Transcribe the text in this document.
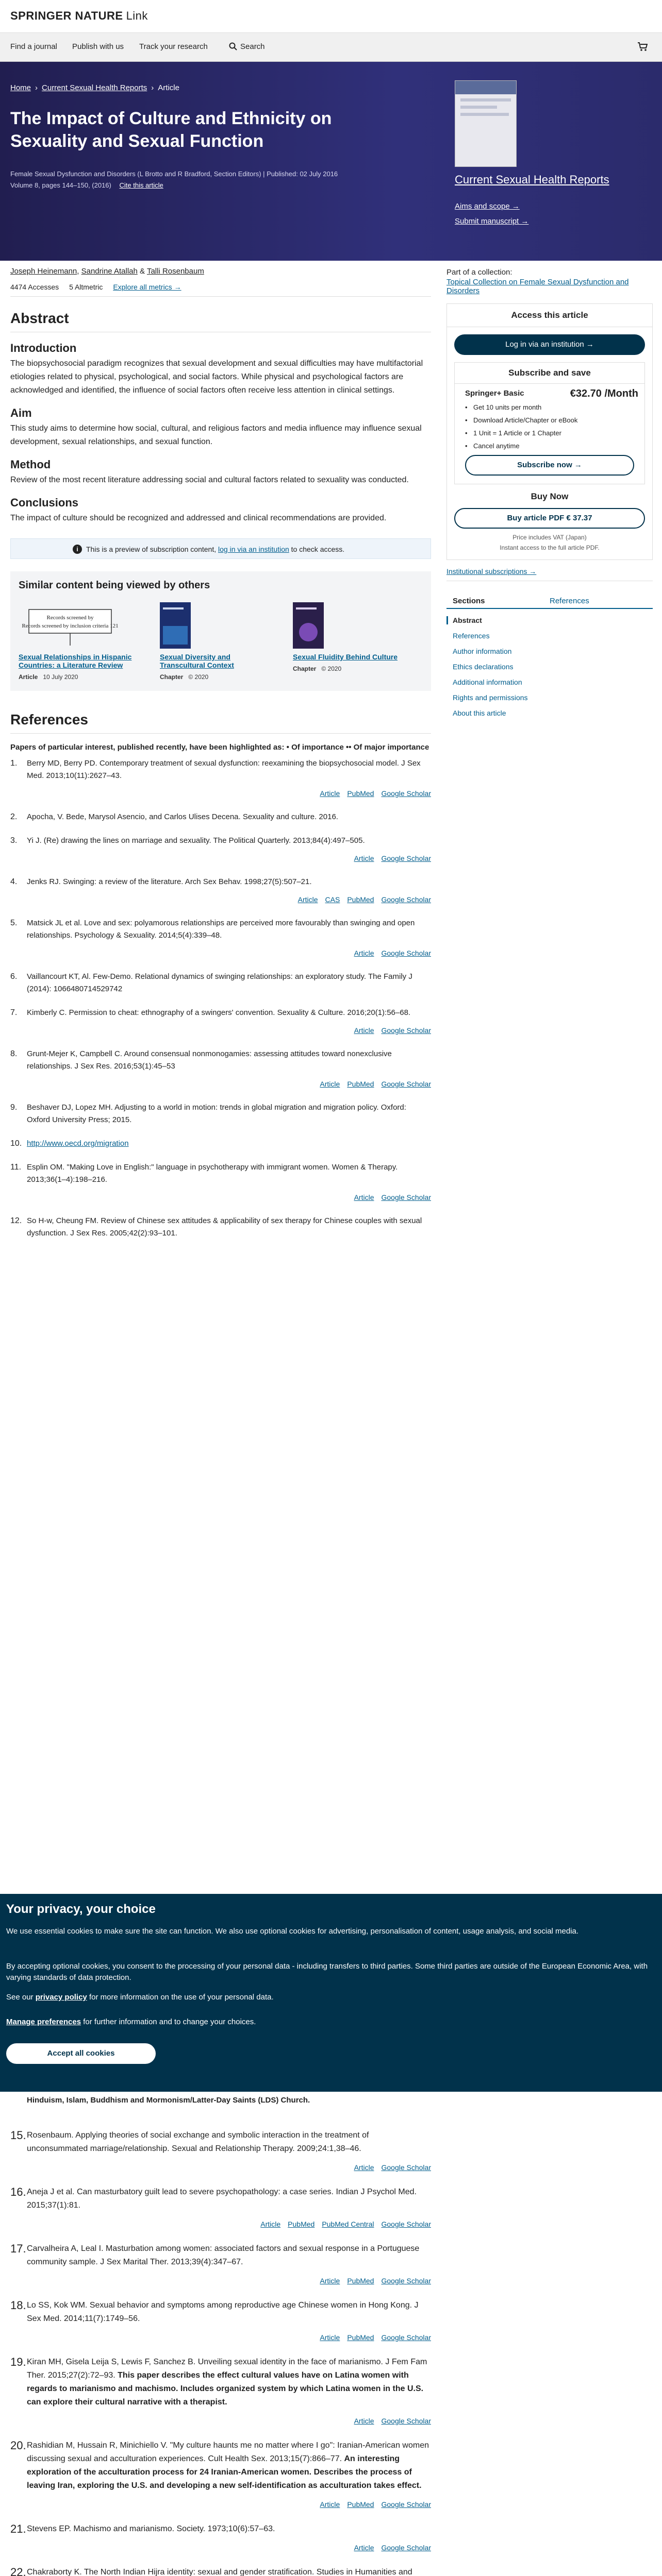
SPRINGER NATURE Link
Find a journal Publish with us Track your research	Search
Home › Current Sexual Health Reports › Article
The Impact of Culture and Ethnicity on Sexuality and Sexual Function
Female Sexual Dysfunction and Disorders (L Brotto and R Bradford, Section Editors) | Published: 02 July 2016
Volume 8, pages 144–150, (2016) Cite this article	Current Sexual Health Reports
Aims and scope →
Submit manuscript →
Joseph Heinemann, Sandrine Atallah & Talli Rosenbaum
4474 Accesses 5 Altmetric Explore all metrics →
Abstract
Introduction

The biopsychosocial paradigm recognizes that sexual development and sexual difficulties may have multifactorial etiologies related to physical, psychological, and social factors. While physical and psychological factors are acknowledged and identified, the influence of social factors often receive less attention in clinical settings.

Aim

This study aims to determine how social, cultural, and religious factors and media influence may influence sexual development, sexual relationships, and sexual function.

Method

Review of the most recent literature addressing social and cultural factors related to sexuality was conducted.

Conclusions

The impact of culture should be recognized and addressed and clinical recommendations are provided.

i	This is a preview of subscription content, log in via an institution to check access.
Similar content being viewed by others
Records screened by
Records screened by inclusion criteria 121
Sexual Relationships in Hispanic Countries: a Literature Review
Article 10 July 2020
Sexual Diversity and Transcultural Context
Chapter © 2020
Sexual Fluidity Behind Culture
Chapter © 2020
References
Papers of particular interest, published recently, have been highlighted as: • Of importance •• Of major importance
1. Berry MD, Berry PD. Contemporary treatment of sexual dysfunction: reexamining the biopsychosocial model. J Sex Med. 2013;10(11):2627–43.
Article PubMed Google Scholar
2. Apocha, V. Bede, Marysol Asencio, and Carlos Ulises Decena. Sexuality and culture. 2016.
3. Yi J. (Re) drawing the lines on marriage and sexuality. The Political Quarterly. 2013;84(4):497–505.
Article Google Scholar
4. Jenks RJ. Swinging: a review of the literature. Arch Sex Behav. 1998;27(5):507–21.
Article CAS PubMed Google Scholar
5. Matsick JL et al. Love and sex: polyamorous relationships are perceived more favourably than swinging and open relationships. Psychology & Sexuality. 2014;5(4):339–48.
Article Google Scholar
6. Vaillancourt KT, Al. Few-Demo. Relational dynamics of swinging relationships: an exploratory study. The Family J (2014): 1066480714529742
7. Kimberly C. Permission to cheat: ethnography of a swingers' convention. Sexuality & Culture. 2016;20(1):56–68.
Article Google Scholar
8. Grunt-Mejer K, Campbell C. Around consensual nonmonogamies: assessing attitudes toward nonexclusive relationships. J Sex Res. 2016;53(1):45–53
Article PubMed Google Scholar
9. Beshaver DJ, Lopez MH. Adjusting to a world in motion: trends in global migration and migration policy. Oxford: Oxford University Press; 2015.
10. http://www.oecd.org/migration
11. Esplin OM. "Making Love in English:" language in psychotherapy with immigrant women. Women & Therapy. 2013;36(1–4):198–216.
Article Google Scholar
12. So H-w, Cheung FM. Review of Chinese sex attitudes & applicability of sex therapy for Chinese couples with sexual dysfunction. J Sex Res. 2005;42(2):93–101.
Part of a collection:
Topical Collection on Female Sexual Dysfunction and Disorders
Access this article
Log in via an institution →
Subscribe and save
Springer+ Basic	€32.70 /Month
• Get 10 units per month
• Download Article/Chapter or eBook
• 1 Unit = 1 Article or 1 Chapter
• Cancel anytime
Subscribe now →
Buy Now
Buy article PDF € 37.37
Price includes VAT (Japan)
Instant access to the full article PDF.
Institutional subscriptions →
Sections	References
Abstract
References
Author information
Ethics declarations
Additional information
Rights and permissions
About this article
Your privacy, your choice

We use essential cookies to make sure the site can function. We also use optional cookies for advertising, personalisation of content, usage analysis, and social media.

By accepting optional cookies, you consent to the processing of your personal data - including transfers to third parties. Some third parties are outside of the European Economic Area, with varying standards of data protection.

See our privacy policy for more information on the use of your personal data.

Manage preferences for further information and to change your choices.

Accept all cookies
Hinduism, Islam, Buddhism and Mormonism/Latter-Day Saints (LDS) Church.
15. Rosenbaum. Applying theories of social exchange and symbolic interaction in the treatment of unconsummated marriage/relationship. Sexual and Relationship Therapy. 2009;24:1,38–46.
Article Google Scholar
16. Aneja J et al. Can masturbatory guilt lead to severe psychopathology: a case series. Indian J Psychol Med. 2015;37(1):81.
Article PubMed PubMed Central Google Scholar
17. Carvalheira A, Leal I. Masturbation among women: associated factors and sexual response in a Portuguese community sample. J Sex Marital Ther. 2013;39(4):347–67.
Article PubMed Google Scholar
18. Lo SS, Kok WM. Sexual behavior and symptoms among reproductive age Chinese women in Hong Kong. J Sex Med. 2014;11(7):1749–56.
Article PubMed Google Scholar
19. Kiran MH, Gisela Leija S, Lewis F, Sanchez B. Unveiling sexual identity in the face of marianismo. J Fem Fam Ther. 2015;27(2):72–93. This paper describes the effect cultural values have on Latina women with regards to marianismo and machismo. Includes organized system by which Latina women in the U.S. can explore their cultural narrative with a therapist.
Article Google Scholar
20. Rashidian M, Hussain R, Minichiello V. "My culture haunts me no matter where I go": Iranian-American women discussing sexual and acculturation experiences. Cult Health Sex. 2013;15(7):866–77. An interesting exploration of the acculturation process for 24 Iranian-American women. Describes the process of leaving Iran, exploring the U.S. and developing a new self-identification as acculturation takes effect.
Article PubMed Google Scholar
21. Stevens EP. Machismo and marianismo. Society. 1973;10(6):57–63.
Article Google Scholar
22. Chakraborty K. The North Indian Hijra identity: sexual and gender stratification. Studies in Humanities and
